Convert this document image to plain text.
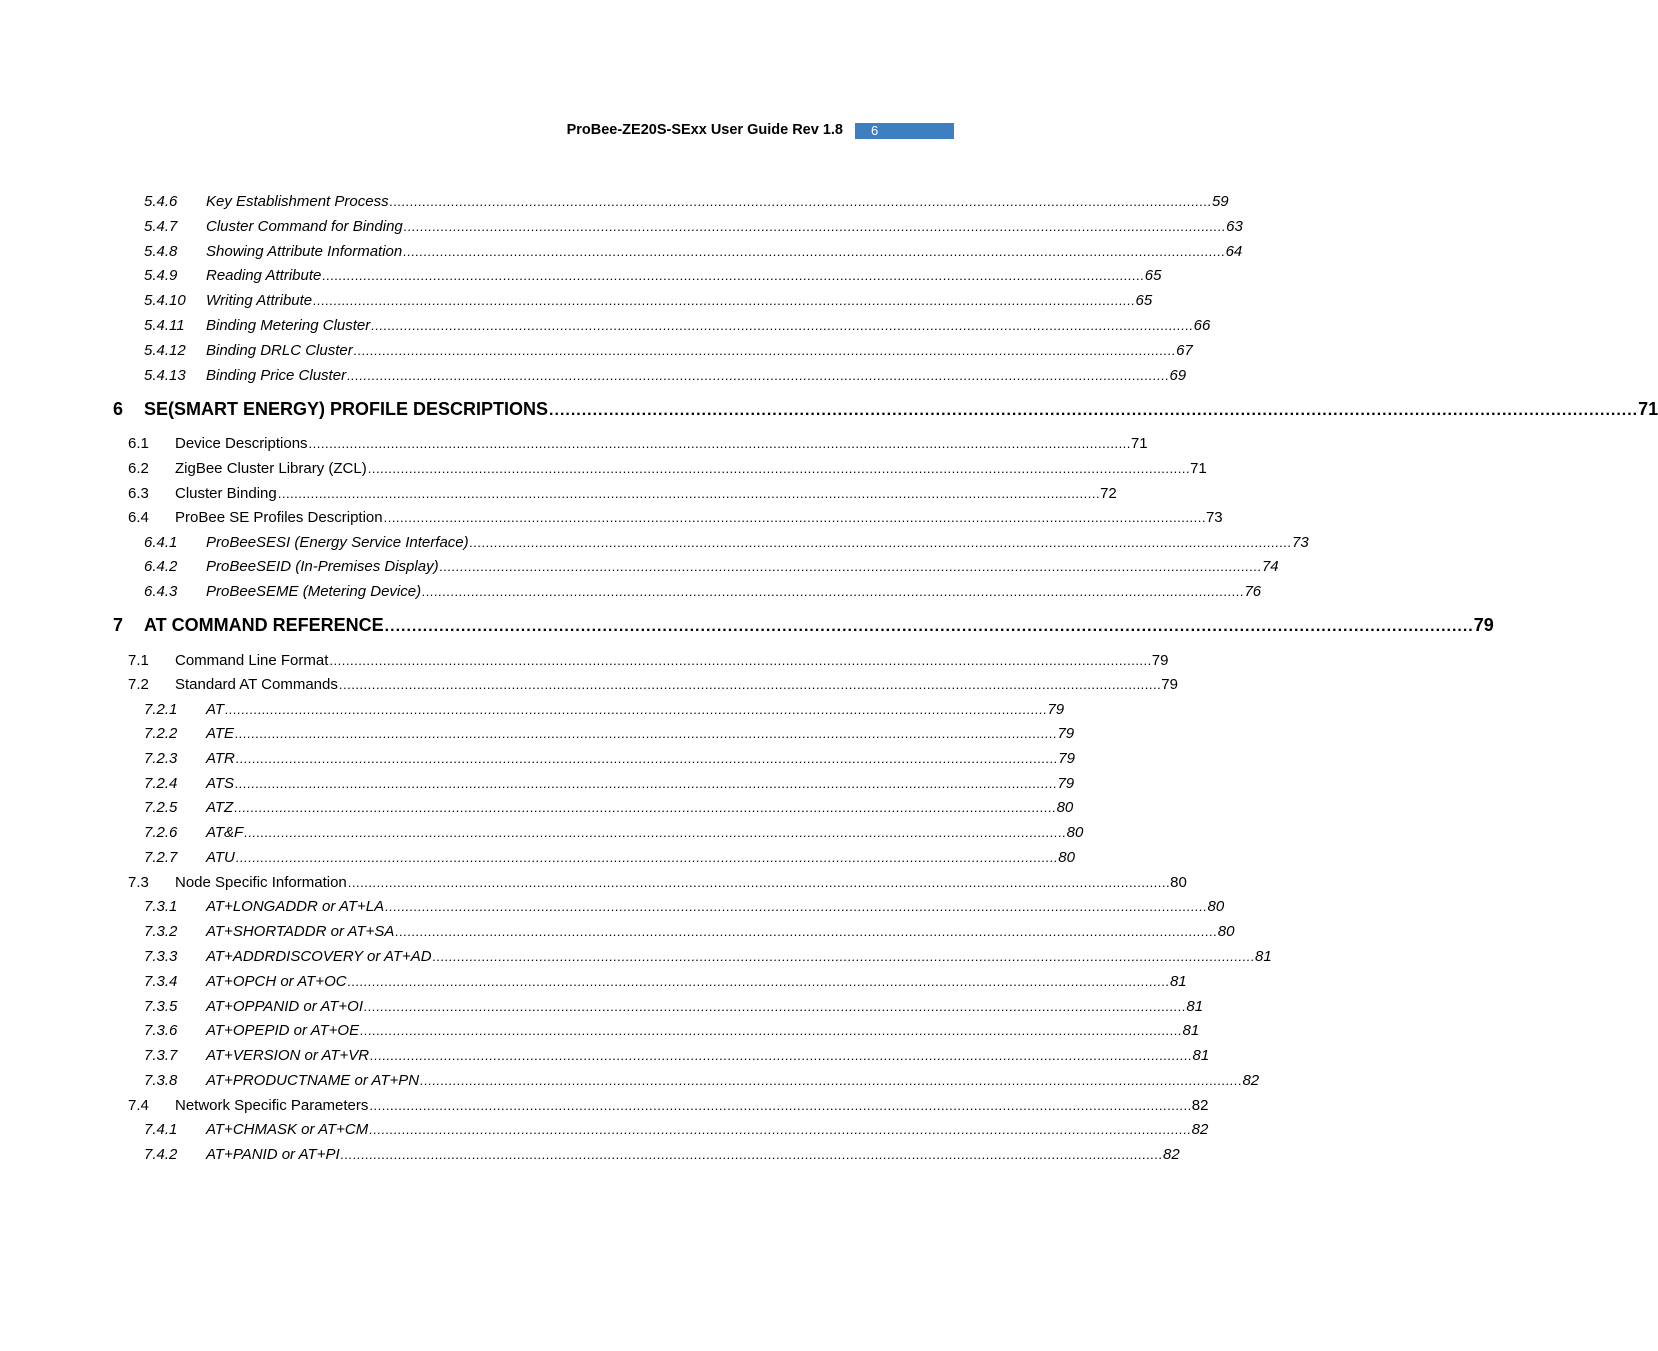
ProBee-ZE20S-SExx User Guide Rev 1.8	6
5.4.6 Key Establishment Process ........................................................................................................................................................................................................ 59
5.4.7 Cluster Command for Binding ........................................................................................................................................................................................................ 63
5.4.8 Showing Attribute Information ........................................................................................................................................................................................................ 64
5.4.9 Reading Attribute ........................................................................................................................................................................................................ 65
5.4.10 Writing Attribute ........................................................................................................................................................................................................ 65
5.4.11 Binding Metering Cluster ........................................................................................................................................................................................................ 66
5.4.12 Binding DRLC Cluster ........................................................................................................................................................................................................ 67
5.4.13 Binding Price Cluster ........................................................................................................................................................................................................ 69
6 SE(SMART ENERGY) PROFILE DESCRIPTIONS ........................................................................................................................................................................................................ 71
6.1 Device Descriptions ........................................................................................................................................................................................................ 71
6.2 ZigBee Cluster Library (ZCL) ........................................................................................................................................................................................................ 71
6.3 Cluster Binding ........................................................................................................................................................................................................ 72
6.4 ProBee SE Profiles Description ........................................................................................................................................................................................................ 73
6.4.1 ProBeeSESI (Energy Service Interface) ........................................................................................................................................................................................................ 73
6.4.2 ProBeeSEID (In-Premises Display) ........................................................................................................................................................................................................ 74
6.4.3 ProBeeSEME (Metering Device) ........................................................................................................................................................................................................ 76
7 AT COMMAND REFERENCE ........................................................................................................................................................................................................ 79
7.1 Command Line Format ........................................................................................................................................................................................................ 79
7.2 Standard AT Commands ........................................................................................................................................................................................................ 79
7.2.1 AT ........................................................................................................................................................................................................ 79
7.2.2 ATE ........................................................................................................................................................................................................ 79
7.2.3 ATR ........................................................................................................................................................................................................ 79
7.2.4 ATS ........................................................................................................................................................................................................ 79
7.2.5 ATZ ........................................................................................................................................................................................................ 80
7.2.6 AT&F ........................................................................................................................................................................................................ 80
7.2.7 ATU ........................................................................................................................................................................................................ 80
7.3 Node Specific Information ........................................................................................................................................................................................................ 80
7.3.1 AT+LONGADDR or AT+LA ........................................................................................................................................................................................................ 80
7.3.2 AT+SHORTADDR or AT+SA ........................................................................................................................................................................................................ 80
7.3.3 AT+ADDRDISCOVERY or AT+AD ........................................................................................................................................................................................................ 81
7.3.4 AT+OPCH or AT+OC ........................................................................................................................................................................................................ 81
7.3.5 AT+OPPANID or AT+OI ........................................................................................................................................................................................................ 81
7.3.6 AT+OPEPID or AT+OE ........................................................................................................................................................................................................ 81
7.3.7 AT+VERSION or AT+VR ........................................................................................................................................................................................................ 81
7.3.8 AT+PRODUCTNAME or AT+PN ........................................................................................................................................................................................................ 82
7.4 Network Specific Parameters ........................................................................................................................................................................................................ 82
7.4.1 AT+CHMASK or AT+CM ........................................................................................................................................................................................................ 82
7.4.2 AT+PANID or AT+PI ........................................................................................................................................................................................................ 82
